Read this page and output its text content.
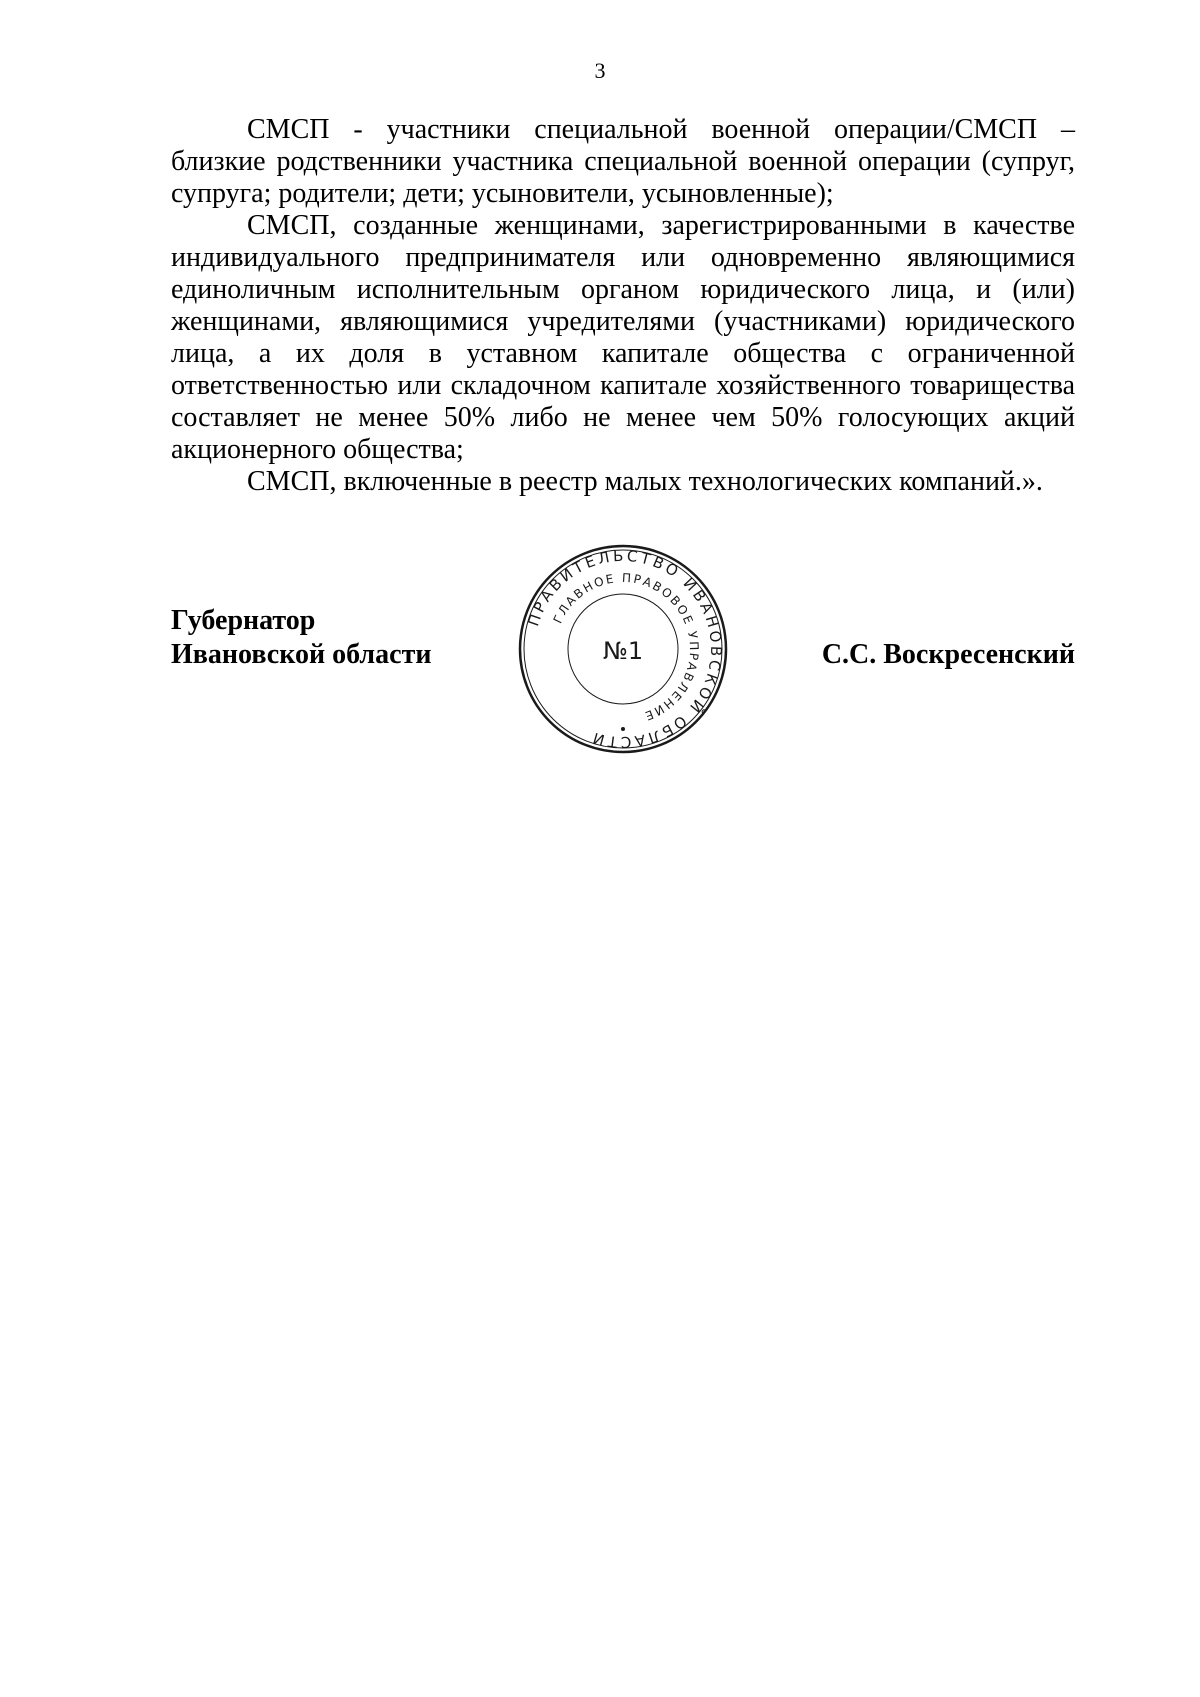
3

СМСП - участники специальной военной операции/СМСП – близкие родственники участника специальной военной операции (супруг, супруга; родители; дети; усыновители, усыновленные);

СМСП, созданные женщинами, зарегистрированными в качестве индивидуального предпринимателя или одновременно являющимися единоличным исполнительным органом юридического лица, и (или) женщинами, являющимися учредителями (участниками) юридического лица, а их доля в уставном капитале общества с ограниченной ответственностью или складочном капитале хозяйственного товарищества составляет не менее 50% либо не менее чем 50% голосующих акций акционерного общества;

СМСП, включенные в реестр малых технологических компаний.».

Губернатор
Ивановской области	С.С. Воскресенский
ПРАВИТЕЛЬСТВО ИВАНОВСКОЙ ОБЛАСТИ
ГЛАВНОЕ ПРАВОВОЕ УПРАВЛЕНИЕ
№1
